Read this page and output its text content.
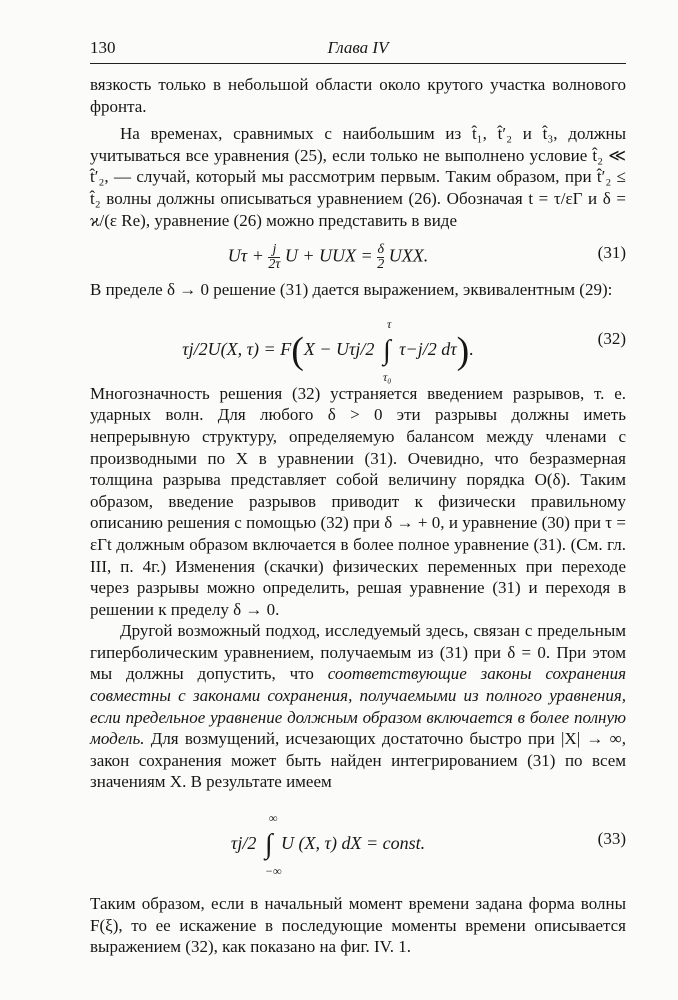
130	Глава IV

вязкость только в небольшой области около крутого участка волнового фронта.

На временах, сравнимых с наибольшим из t̂₁, t̂′₂ и t̂₃, должны учитываться все уравнения (25), если только не выполнено условие t̂₂ ≪ t̂′₂, — случай, который мы рассмотрим первым. Таким образом, при t̂′₂ ≤ t̂₂ волны должны описываться уравнением (26). Обозначая t = τ/εΓ и δ = ϰ/(ε Re), уравнение (26) можно представить в виде

$U\tau + \frac{j}{2\tau}$ U + UUX = $\frac{\delta}{2}$ UXX.	(31)

В пределе δ → 0 решение (31) дается выражением, эквивалентным (29):

τj/2U(X, τ) = F(X − Uτj/2 ∫
τ
τ₀
τ−j/2 dτ).
(32)

Многозначность решения (32) устраняется введением разрывов, т. е. ударных волн. Для любого δ > 0 эти разрывы должны иметь непрерывную структуру, определяемую балансом между членами с производными по X в уравнении (31). Очевидно, что безразмерная толщина разрыва представляет собой величину порядка O(δ). Таким образом, введение разрывов приводит к физически правильному описанию решения с помощью (32) при δ → + 0, и уравнение (30) при τ = εΓt должным образом включается в более полное уравнение (31). (См. гл. III, п. 4г.) Изменения (скачки) физических переменных при переходе через разрывы можно определить, решая уравнение (31) и переходя в решении к пределу δ → 0.

Другой возможный подход, исследуемый здесь, связан с предельным гиперболическим уравнением, получаемым из (31) при δ = 0. При этом мы должны допустить, что соответствующие законы сохранения совместны с законами сохранения, получаемыми из полного уравнения, если предельное уравнение должным образом включается в более полную модель. Для возмущений, исчезающих достаточно быстро при |X| → ∞, закон сохранения может быть найден интегрированием (31) по всем значениям X. В результате имеем

τj/2 ∫
∞
−∞
U (X, τ) dX = const.	(33)

Таким образом, если в начальный момент времени задана форма волны F(ξ), то ее искажение в последующие моменты времени описывается выражением (32), как показано на фиг. IV. 1.
